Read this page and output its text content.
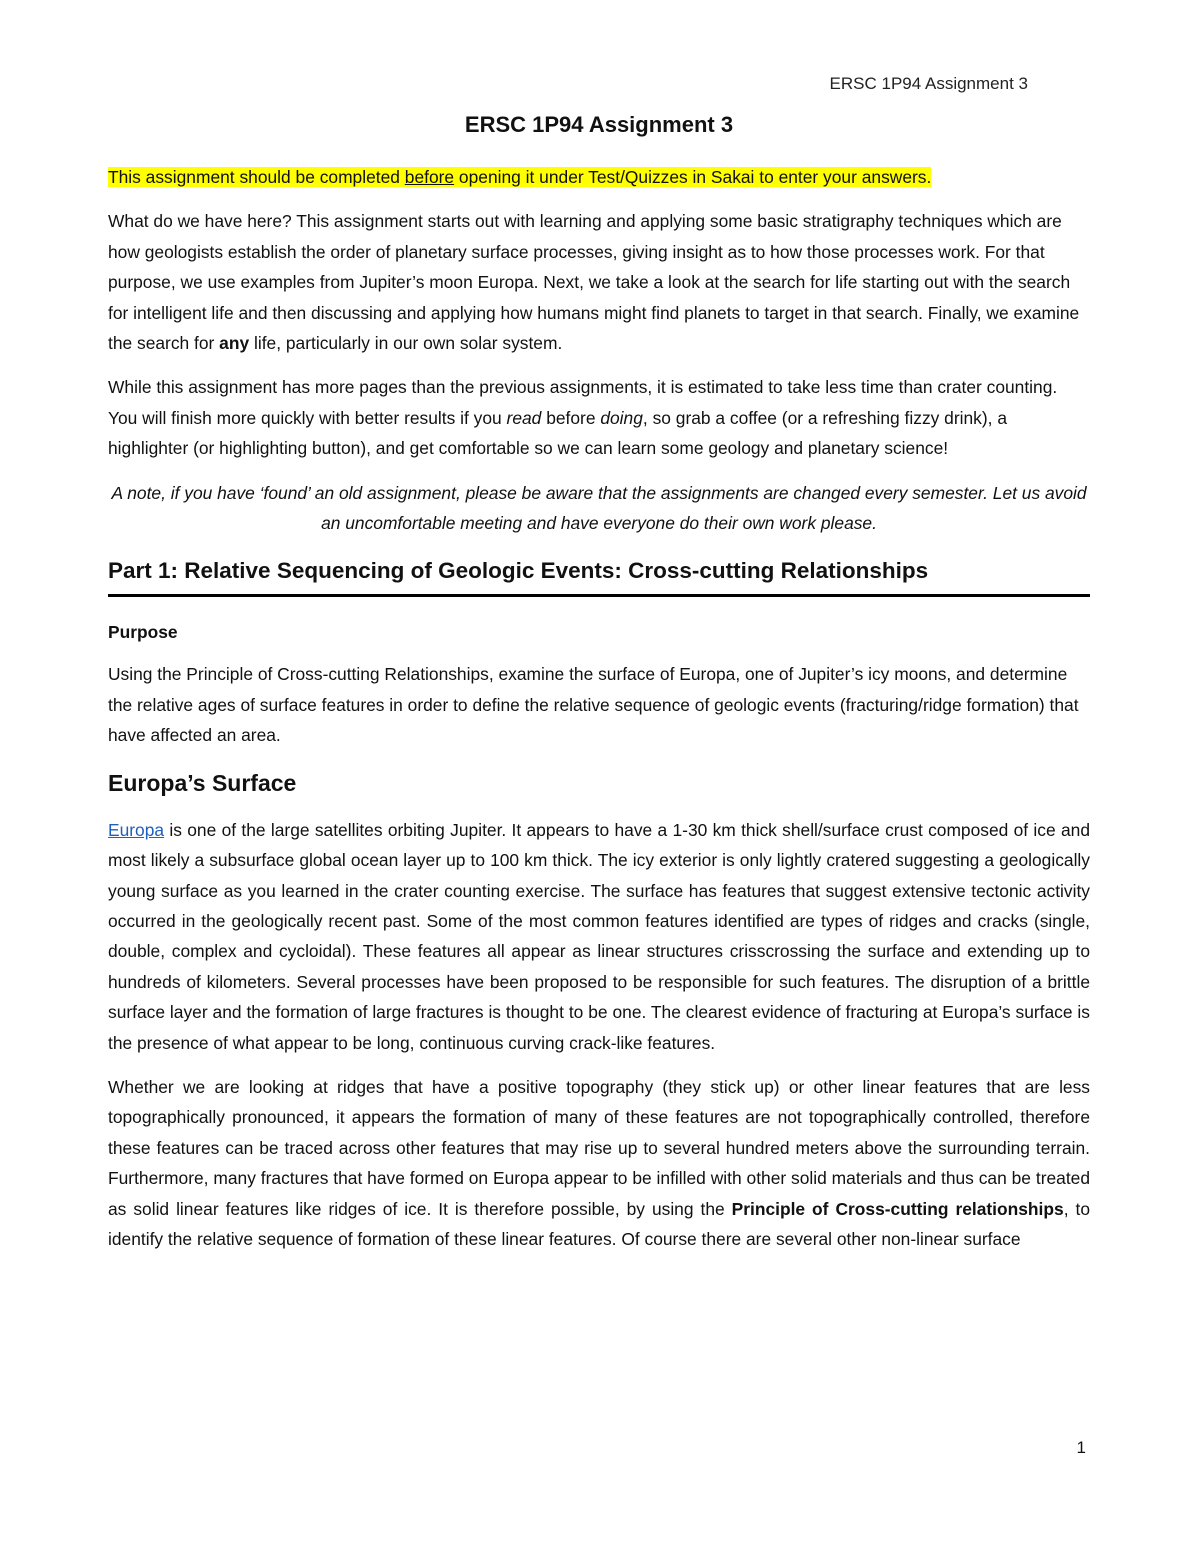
ERSC 1P94 Assignment 3
ERSC 1P94 Assignment 3

This assignment should be completed before opening it under Test/Quizzes in Sakai to enter your answers.

What do we have here? This assignment starts out with learning and applying some basic stratigraphy techniques which are how geologists establish the order of planetary surface processes, giving insight as to how those processes work. For that purpose, we use examples from Jupiter’s moon Europa. Next, we take a look at the search for life starting out with the search for intelligent life and then discussing and applying how humans might find planets to target in that search. Finally, we examine the search for any life, particularly in our own solar system.

While this assignment has more pages than the previous assignments, it is estimated to take less time than crater counting. You will finish more quickly with better results if you read before doing, so grab a coffee (or a refreshing fizzy drink), a highlighter (or highlighting button), and get comfortable so we can learn some geology and planetary science!

A note, if you have ‘found’ an old assignment, please be aware that the assignments are changed every semester. Let us avoid an uncomfortable meeting and have everyone do their own work please.

Part 1: Relative Sequencing of Geologic Events: Cross-cutting Relationships
Purpose

Using the Principle of Cross-cutting Relationships, examine the surface of Europa, one of Jupiter’s icy moons, and determine the relative ages of surface features in order to define the relative sequence of geologic events (fracturing/ridge formation) that have affected an area.

Europa’s Surface

Europa is one of the large satellites orbiting Jupiter. It appears to have a 1-30 km thick shell/surface crust composed of ice and most likely a subsurface global ocean layer up to 100 km thick. The icy exterior is only lightly cratered suggesting a geologically young surface as you learned in the crater counting exercise. The surface has features that suggest extensive tectonic activity occurred in the geologically recent past. Some of the most common features identified are types of ridges and cracks (single, double, complex and cycloidal). These features all appear as linear structures crisscrossing the surface and extending up to hundreds of kilometers. Several processes have been proposed to be responsible for such features. The disruption of a brittle surface layer and the formation of large fractures is thought to be one. The clearest evidence of fracturing at Europa’s surface is the presence of what appear to be long, continuous curving crack-like features.

Whether we are looking at ridges that have a positive topography (they stick up) or other linear features that are less topographically pronounced, it appears the formation of many of these features are not topographically controlled, therefore these features can be traced across other features that may rise up to several hundred meters above the surrounding terrain. Furthermore, many fractures that have formed on Europa appear to be infilled with other solid materials and thus can be treated as solid linear features like ridges of ice. It is therefore possible, by using the Principle of Cross-cutting relationships, to identify the relative sequence of formation of these linear features. Of course there are several other non-linear surface

1
